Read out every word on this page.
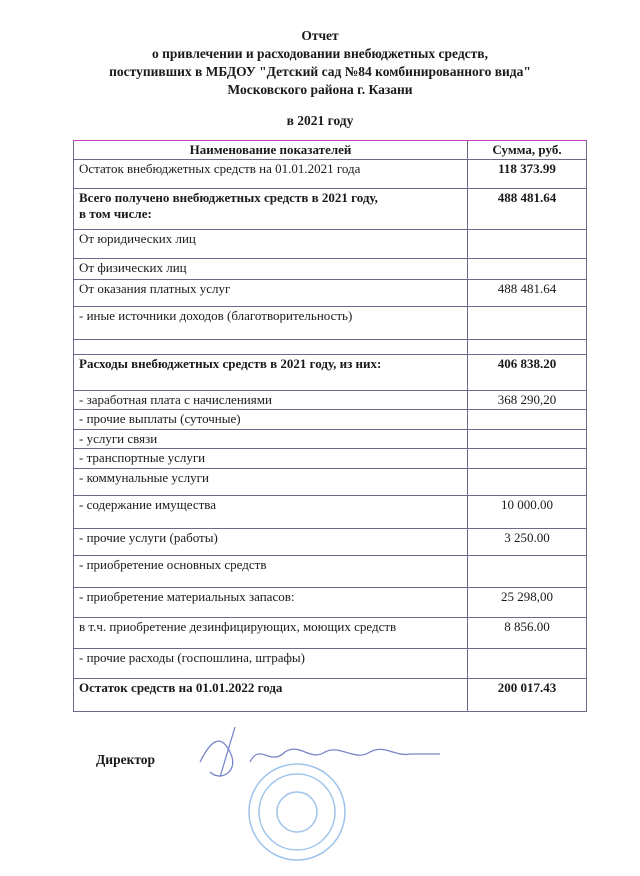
Отчет
о привлечении и расходовании внебюджетных средств,
поступивших в МБДОУ "Детский сад №84 комбинированного вида"
Московского района г. Казани
в 2021 году
Наименование показателей	Сумма, руб.
Остаток внебюджетных средств на 01.01.2021 года	118 373.99
Всего получено внебюджетных средств в 2021 году,
в том числе:	488 481.64
От юридических лиц	
От физических лиц	
От оказания платных услуг	488 481.64
- иные источники доходов (благотворительность)	

Расходы внебюджетных средств в 2021 году, из них:	406 838.20
- заработная плата с начислениями	368 290,20
- прочие выплаты (суточные)	
- услуги связи	
- транспортные услуги	
- коммунальные услуги	
- содержание имущества	10 000.00
- прочие услуги (работы)	3 250.00
- приобретение основных средств	
- приобретение материальных запасов:	25 298,00
в т.ч. приобретение дезинфицирующих, моющих средств	8 856.00
- прочие расходы (госпошлина, штрафы)	
Остаток средств на 01.01.2022 года	200 017.43
Директор
